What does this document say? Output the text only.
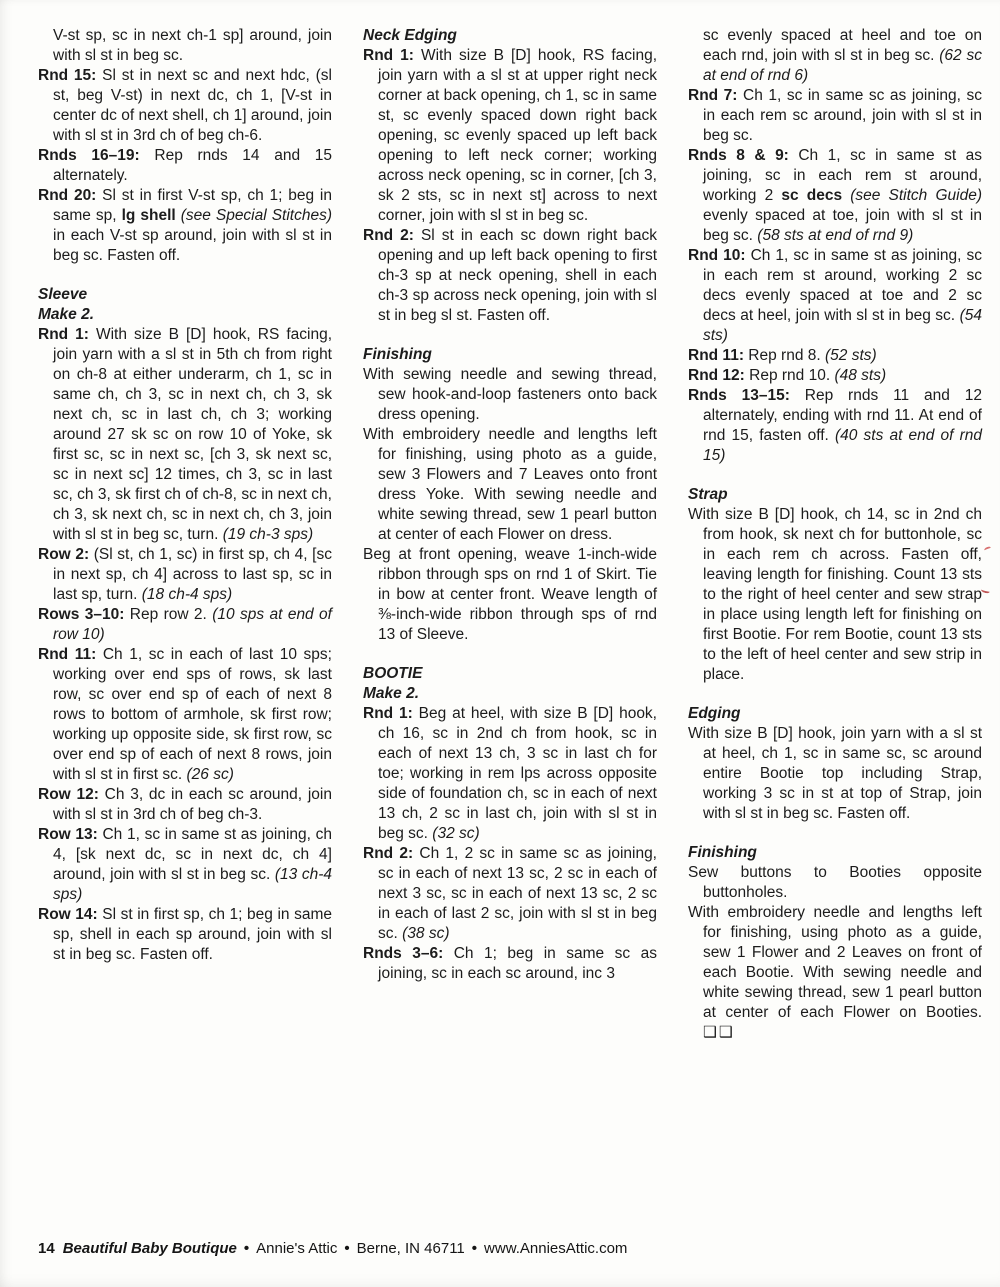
V-st sp, sc in next ch-1 sp] around, join with sl st in beg sc.
Rnd 15: Sl st in next sc and next hdc, (sl st, beg V-st) in next dc, ch 1, [V-st in center dc of next shell, ch 1] around, join with sl st in 3rd ch of beg ch-6.
Rnds 16–19: Rep rnds 14 and 15 alternately.
Rnd 20: Sl st in first V-st sp, ch 1; beg in same sp, lg shell (see Special Stitches) in each V-st sp around, join with sl st in beg sc. Fasten off.
Sleeve
Make 2.
Rnd 1: With size B [D] hook, RS facing, join yarn with a sl st in 5th ch from right on ch-8 at either underarm, ch 1, sc in same ch, ch 3, sc in next ch, ch 3, sk next ch, sc in last ch, ch 3; working around 27 sk sc on row 10 of Yoke, sk first sc, sc in next sc, [ch 3, sk next sc, sc in next sc] 12 times, ch 3, sc in last sc, ch 3, sk first ch of ch-8, sc in next ch, ch 3, sk next ch, sc in next ch, ch 3, join with sl st in beg sc, turn. (19 ch-3 sps)
Row 2: (Sl st, ch 1, sc) in first sp, ch 4, [sc in next sp, ch 4] across to last sp, sc in last sp, turn. (18 ch-4 sps)
Rows 3–10: Rep row 2. (10 sps at end of row 10)
Rnd 11: Ch 1, sc in each of last 10 sps; working over end sps of rows, sk last row, sc over end sp of each of next 8 rows to bottom of armhole, sk first row; working up opposite side, sk first row, sc over end sp of each of next 8 rows, join with sl st in first sc. (26 sc)
Row 12: Ch 3, dc in each sc around, join with sl st in 3rd ch of beg ch-3.
Row 13: Ch 1, sc in same st as joining, ch 4, [sk next dc, sc in next dc, ch 4] around, join with sl st in beg sc. (13 ch-4 sps)
Row 14: Sl st in first sp, ch 1; beg in same sp, shell in each sp around, join with sl st in beg sc. Fasten off.
Neck Edging
Rnd 1: With size B [D] hook, RS facing, join yarn with a sl st at upper right neck corner at back opening, ch 1, sc in same st, sc evenly spaced down right back opening, sc evenly spaced up left back opening to left neck corner; working across neck opening, sc in corner, [ch 3, sk 2 sts, sc in next st] across to next corner, join with sl st in beg sc.
Rnd 2: Sl st in each sc down right back opening and up left back opening to first ch-3 sp at neck opening, shell in each ch-3 sp across neck opening, join with sl st in beg sl st. Fasten off.
Finishing
With sewing needle and sewing thread, sew hook-and-loop fasteners onto back dress opening.
With embroidery needle and lengths left for finishing, using photo as a guide, sew 3 Flowers and 7 Leaves onto front dress Yoke. With sewing needle and white sewing thread, sew 1 pearl button at center of each Flower on dress.
Beg at front opening, weave 1-inch-wide ribbon through sps on rnd 1 of Skirt. Tie in bow at center front. Weave length of ⅜-inch-wide ribbon through sps of rnd 13 of Sleeve.
BOOTIE
Make 2.
Rnd 1: Beg at heel, with size B [D] hook, ch 16, sc in 2nd ch from hook, sc in each of next 13 ch, 3 sc in last ch for toe; working in rem lps across opposite side of foundation ch, sc in each of next 13 ch, 2 sc in last ch, join with sl st in beg sc. (32 sc)
Rnd 2: Ch 1, 2 sc in same sc as joining, sc in each of next 13 sc, 2 sc in each of next 3 sc, sc in each of next 13 sc, 2 sc in each of last 2 sc, join with sl st in beg sc. (38 sc)
Rnds 3–6: Ch 1; beg in same sc as joining, sc in each sc around, inc 3
sc evenly spaced at heel and toe on each rnd, join with sl st in beg sc. (62 sc at end of rnd 6)
Rnd 7: Ch 1, sc in same sc as joining, sc in each rem sc around, join with sl st in beg sc.
Rnds 8 & 9: Ch 1, sc in same st as joining, sc in each rem st around, working 2 sc decs (see Stitch Guide) evenly spaced at toe, join with sl st in beg sc. (58 sts at end of rnd 9)
Rnd 10: Ch 1, sc in same st as joining, sc in each rem st around, working 2 sc decs evenly spaced at toe and 2 sc decs at heel, join with sl st in beg sc. (54 sts)
Rnd 11: Rep rnd 8. (52 sts)
Rnd 12: Rep rnd 10. (48 sts)
Rnds 13–15: Rep rnds 11 and 12 alternately, ending with rnd 11. At end of rnd 15, fasten off. (40 sts at end of rnd 15)
Strap
With size B [D] hook, ch 14, sc in 2nd ch from hook, sk next ch for buttonhole, sc in each rem ch across. Fasten off, leaving length for finishing. Count 13 sts to the right of heel center and sew strap in place using length left for finishing on first Bootie. For rem Bootie, count 13 sts to the left of heel center and sew strip in place.
Edging
With size B [D] hook, join yarn with a sl st at heel, ch 1, sc in same sc, sc around entire Bootie top including Strap, working 3 sc in st at top of Strap, join with sl st in beg sc. Fasten off.
Finishing
Sew buttons to Booties opposite buttonholes.
With embroidery needle and lengths left for finishing, using photo as a guide, sew 1 Flower and 2 Leaves on front of each Bootie. With sewing needle and white sewing thread, sew 1 pearl button at center of each Flower on Booties. ❑❑
14 Beautiful Baby Boutique • Annie's Attic • Berne, IN 46711 • www.AnniesAttic.com
